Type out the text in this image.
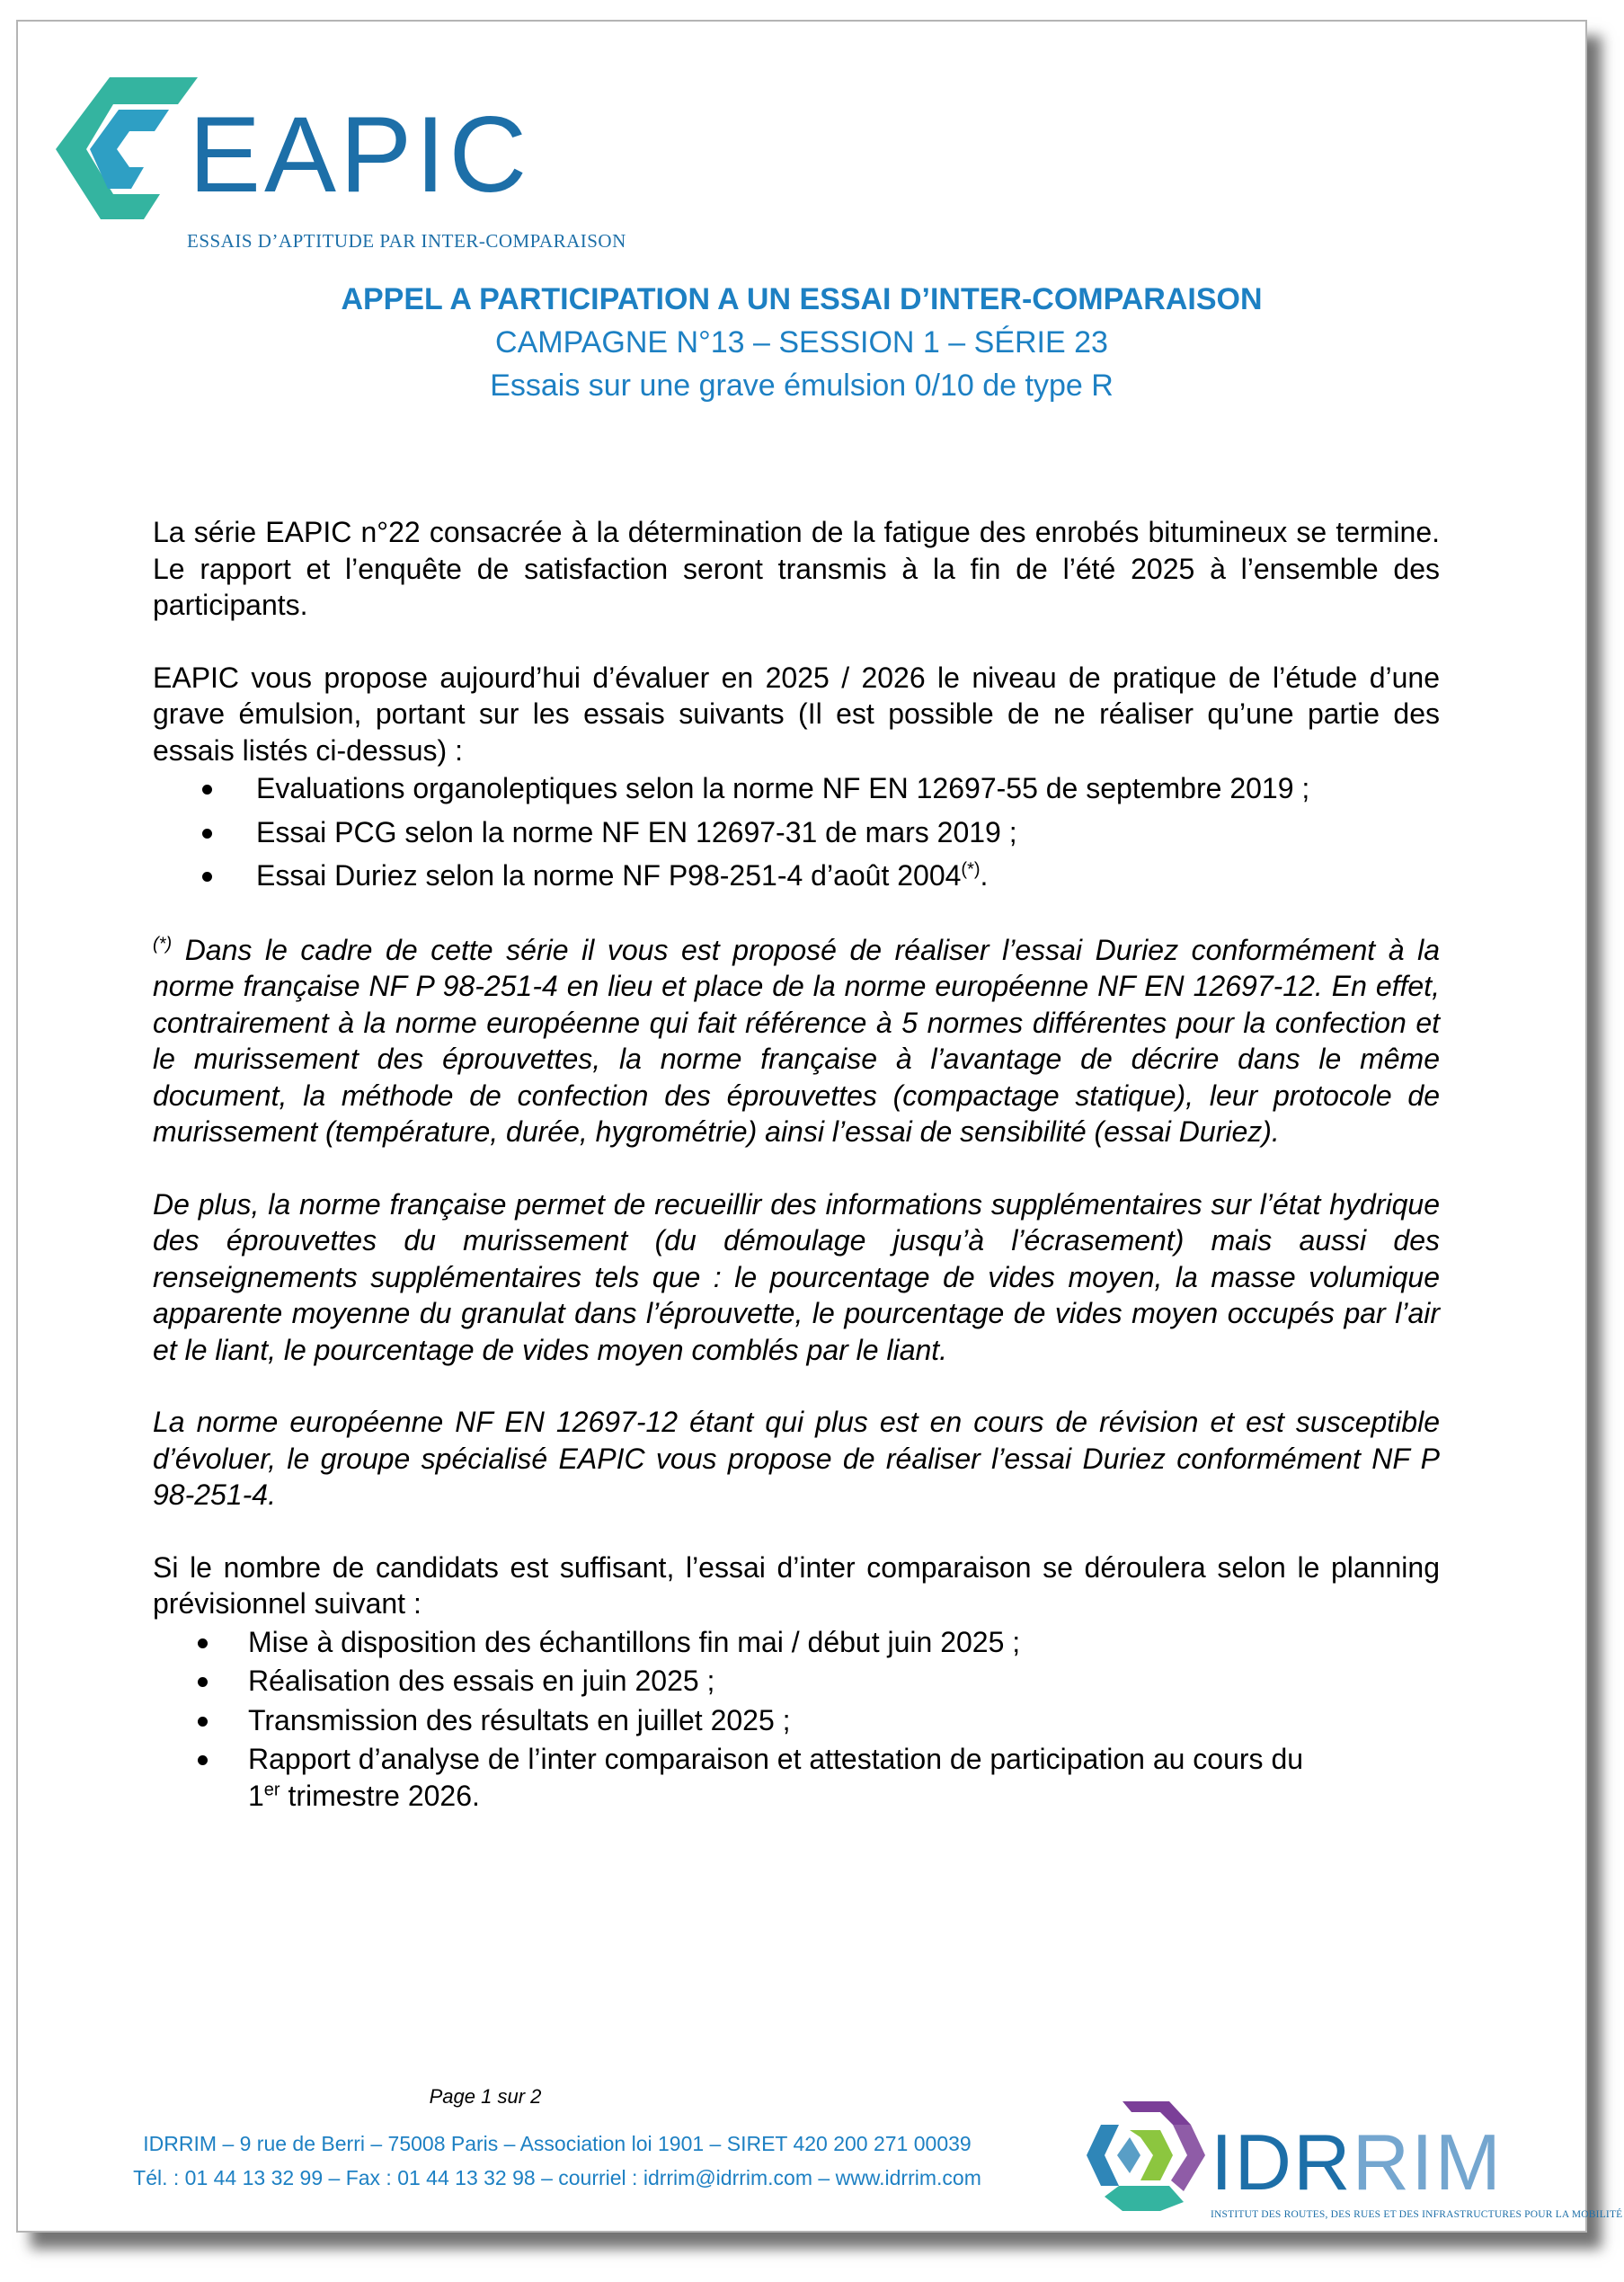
EAPIC
ESSAIS D’APTITUDE PAR INTER-COMPARAISON
APPEL A PARTICIPATION A UN ESSAI D’INTER-COMPARAISON
CAMPAGNE N°13 – SESSION 1 – SÉRIE 23
Essais sur une grave émulsion 0/10 de type R

La série EAPIC n°22 consacrée à la détermination de la fatigue des enrobés bitumineux se termine. Le rapport et l’enquête de satisfaction seront transmis à la fin de l’été 2025 à l’ensemble des participants.

EAPIC vous propose aujourd’hui d’évaluer en 2025 / 2026 le niveau de pratique de l’étude d’une grave émulsion, portant sur les essais suivants (Il est possible de ne réaliser qu’une partie des essais listés ci-dessus) :

Evaluations organoleptiques selon la norme NF EN 12697-55 de septembre 2019 ;
Essai PCG selon la norme NF EN 12697-31 de mars 2019 ;
Essai Duriez selon la norme NF P98-251-4 d’août 2004(*).

(*) Dans le cadre de cette série il vous est proposé de réaliser l’essai Duriez conformément à la norme française NF P 98-251-4 en lieu et place de la norme européenne NF EN 12697-12. En effet, contrairement à la norme européenne qui fait référence à 5 normes différentes pour la confection et le murissement des éprouvettes, la norme française à l’avantage de décrire dans le même document, la méthode de confection des éprouvettes (compactage statique), leur protocole de murissement (température, durée, hygrométrie) ainsi l’essai de sensibilité (essai Duriez).

De plus, la norme française permet de recueillir des informations supplémentaires sur l’état hydrique des éprouvettes du murissement (du démoulage jusqu’à l’écrasement) mais aussi des renseignements supplémentaires tels que : le pourcentage de vides moyen, la masse volumique apparente moyenne du granulat dans l’éprouvette, le pourcentage de vides moyen occupés par l’air et le liant, le pourcentage de vides moyen comblés par le liant.

La norme européenne NF EN 12697-12 étant qui plus est en cours de révision et est susceptible d’évoluer, le groupe spécialisé EAPIC vous propose de réaliser l’essai Duriez conformément NF P 98-251-4.

Si le nombre de candidats est suffisant, l’essai d’inter comparaison se déroulera selon le planning prévisionnel suivant :

Mise à disposition des échantillons fin mai / début juin 2025 ;
Réalisation des essais en juin 2025 ;
Transmission des résultats en juillet 2025 ;
Rapport d’analyse de l’inter comparaison et attestation de participation au cours du
1er trimestre 2026.
Page 1 sur 2
IDRRIM – 9 rue de Berri – 75008 Paris – Association loi 1901 – SIRET 420 200 271 00039
Tél. : 01 44 13 32 99 – Fax : 01 44 13 32 98 – courriel : idrrim@idrrim.com – www.idrrim.com	IDRRIM
INSTITUT DES ROUTES, DES RUES ET DES INFRASTRUCTURES POUR LA MOBILITÉ
